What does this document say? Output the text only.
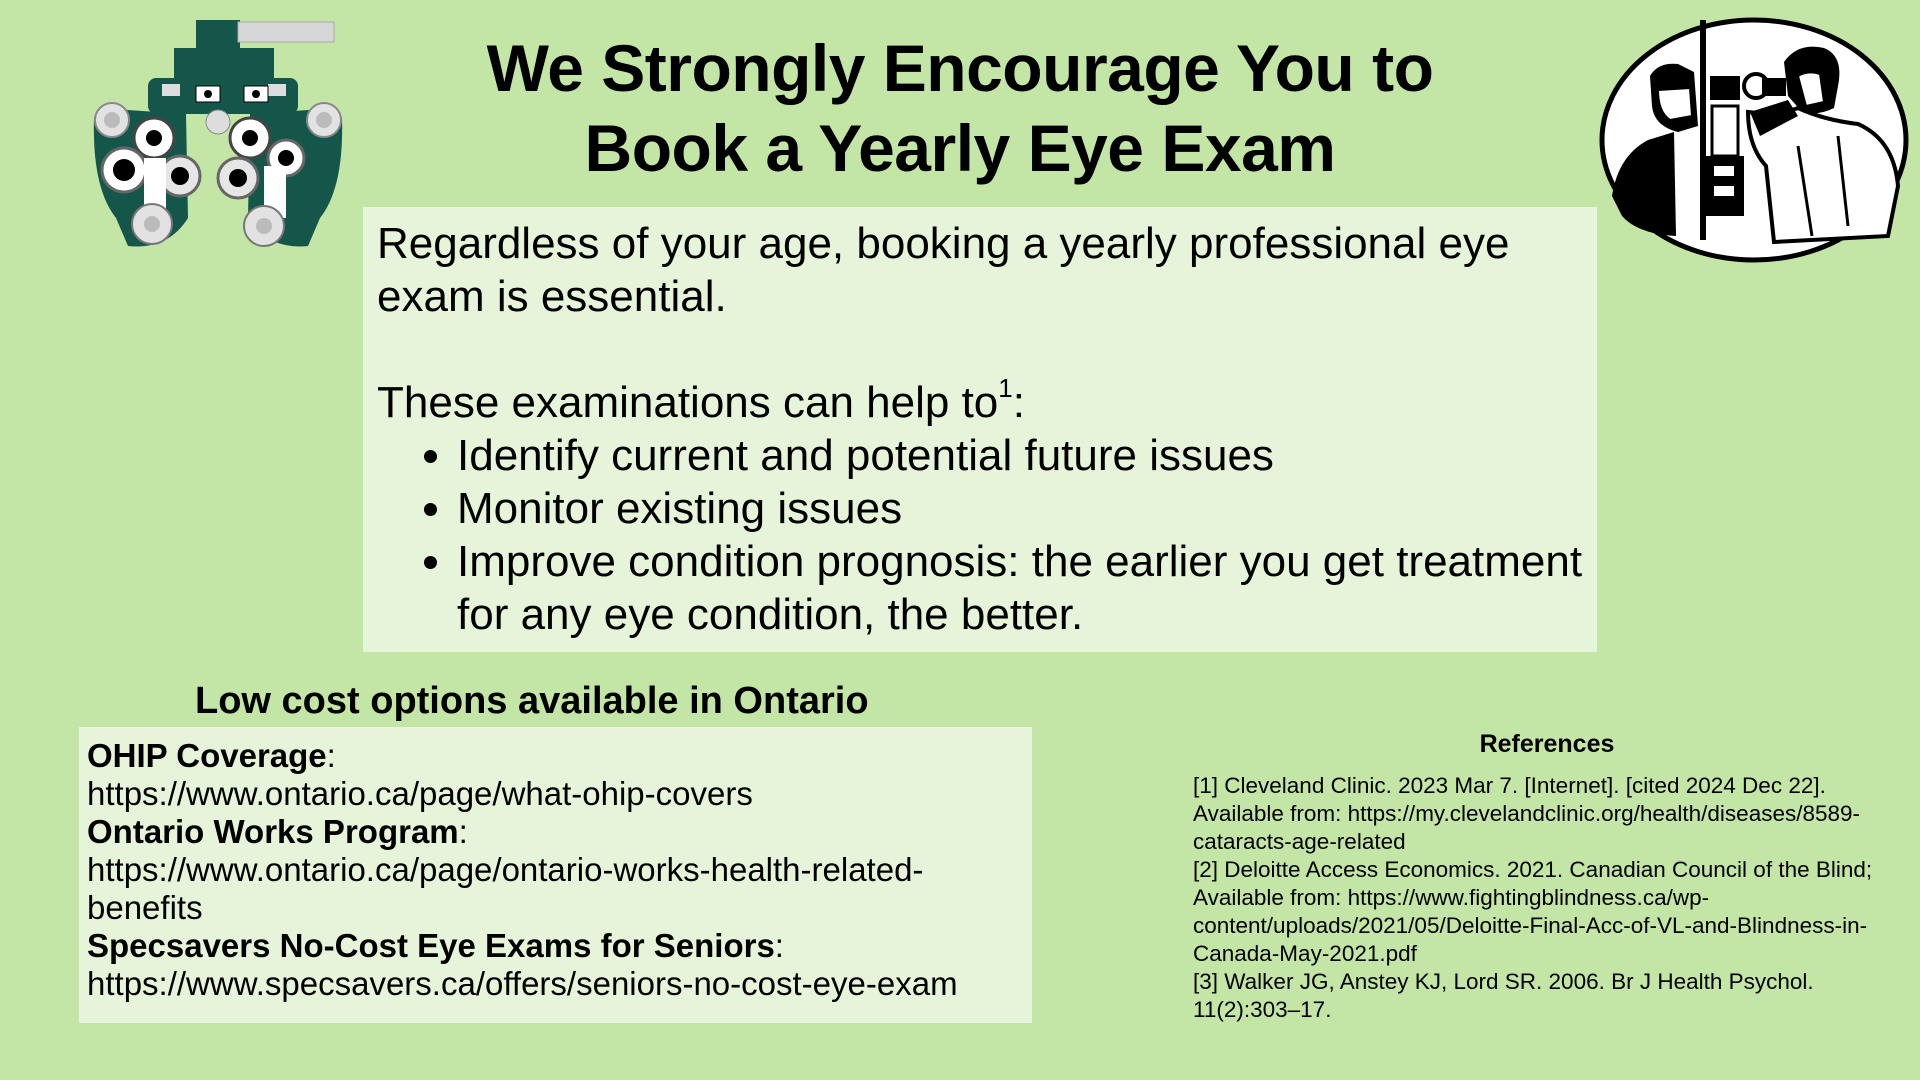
We Strongly Encourage You to
Book a Yearly Eye Exam

Regardless of your age, booking a yearly professional eye exam is essential.

These examinations can help $to^1$:

• Identify current and potential future issues
• Monitor existing issues
• Improve condition prognosis: the earlier you get treatment for any eye condition, the better.
Low cost options available in Ontario
OHIP Coverage:
https://www.ontario.ca/page/what-ohip-covers
Ontario Works Program:
https://www.ontario.ca/page/ontario-works-health-related-benefits
Specsavers No-Cost Eye Exams for Seniors:
https://www.specsavers.ca/offers/seniors-no-cost-eye-exam
References
[1] Cleveland Clinic. 2023 Mar 7. [Internet]. [cited 2024 Dec 22]. Available from: https://my.clevelandclinic.org/health/diseases/8589-cataracts-age-related
[2] Deloitte Access Economics. 2021. Canadian Council of the Blind; Available from: https://www.fightingblindness.ca/wp-content/uploads/2021/05/Deloitte-Final-Acc-of-VL-and-Blindness-in-Canada-May-2021.pdf
[3] Walker JG, Anstey KJ, Lord SR. 2006. Br J Health Psychol. 11(2):303–17.
